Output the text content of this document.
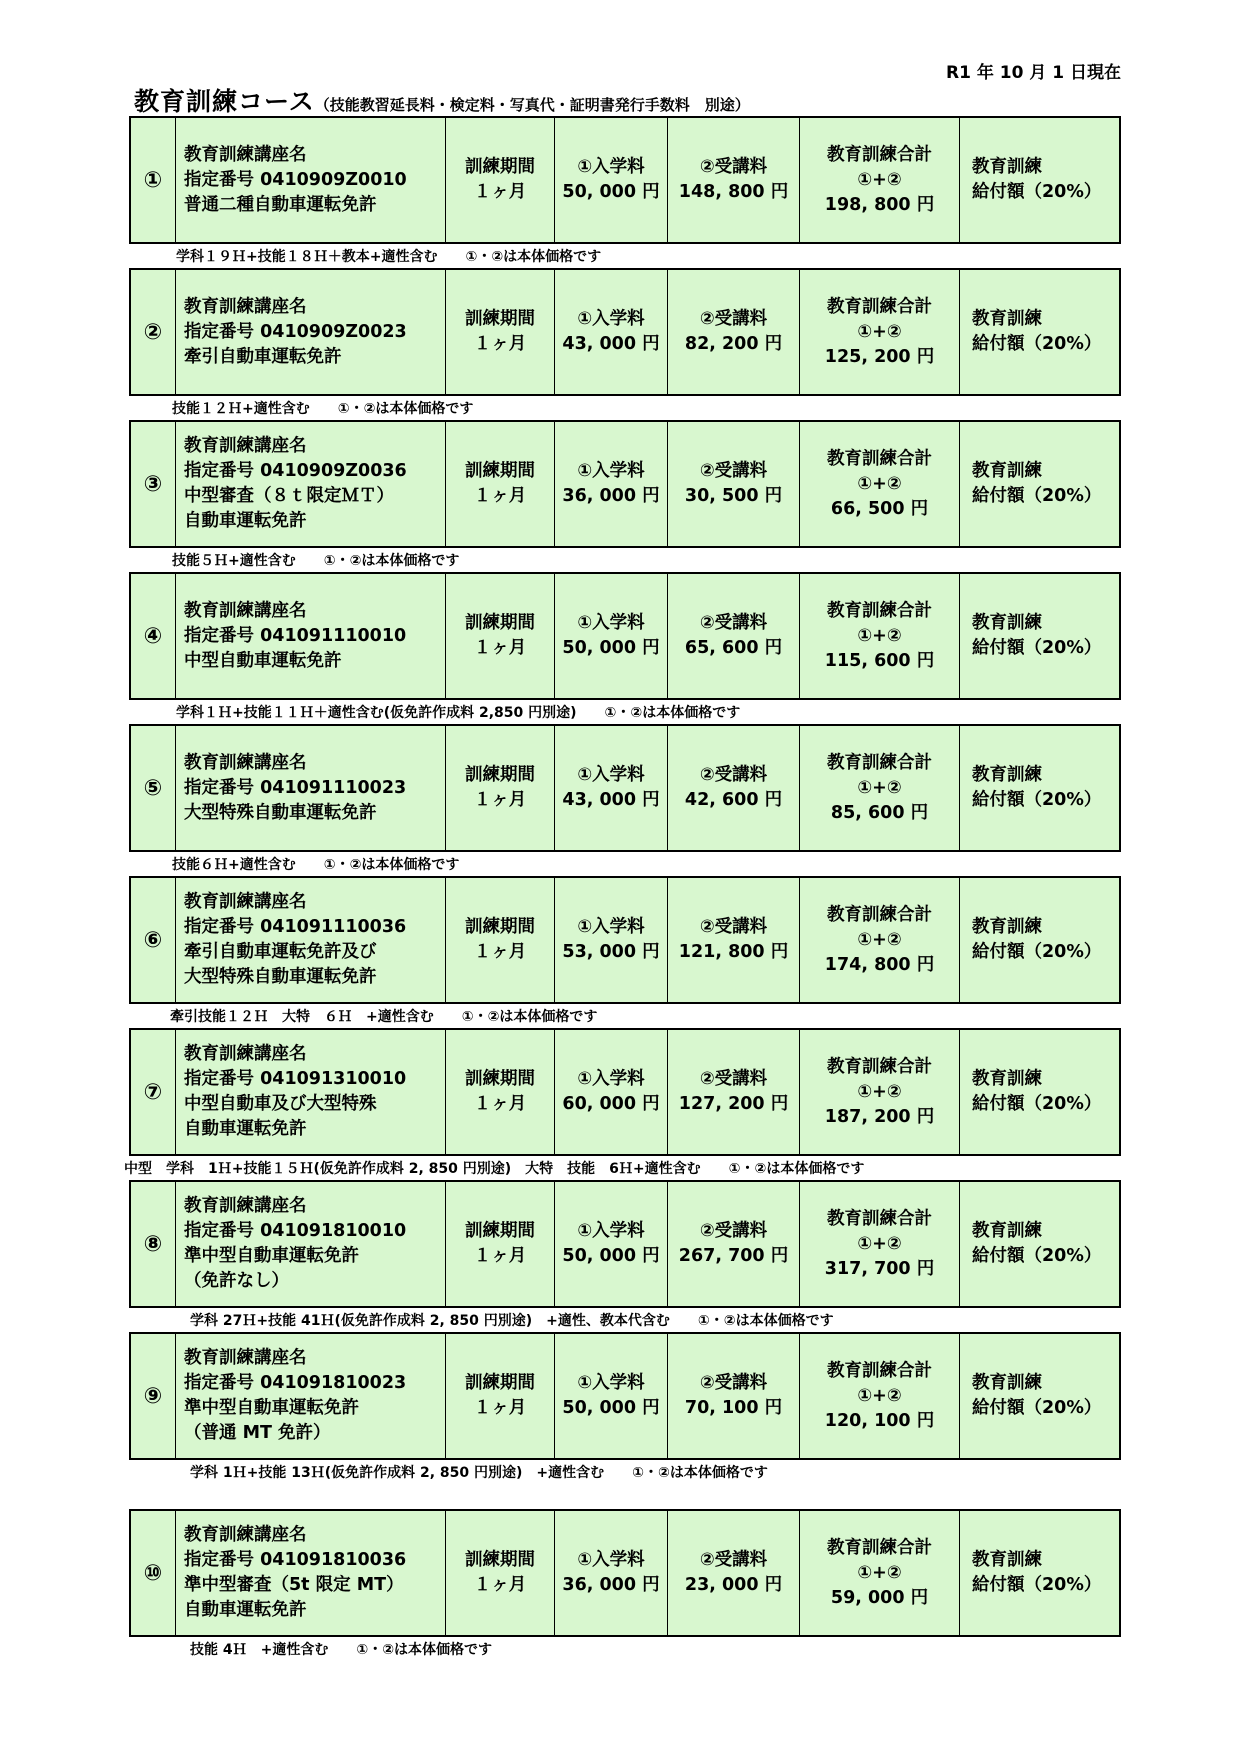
R1 年 10 月 1 日現在
教育訓練コース（技能教習延長料・検定料・写真代・証明書発行手数料　別途）
①
教育訓練講座名
指定番号 0410909Z0010
普通二種自動車運転免許
訓練期間
１ヶ月
①入学料
50, 000 円
②受講料
148, 800 円
教育訓練合計
①+②
198, 800 円
教育訓練
給付額（20%）
学科１９Ｈ+技能１８Ｈ＋教本+適性含む　　①・②は本体価格です
②
教育訓練講座名
指定番号 0410909Z0023
牽引自動車運転免許
訓練期間
１ヶ月
①入学料
43, 000 円
②受講料
82, 200 円
教育訓練合計
①+②
125, 200 円
教育訓練
給付額（20%）
技能１２Ｈ+適性含む　　①・②は本体価格です
③
教育訓練講座名
指定番号 0410909Z0036
中型審査（８ｔ限定ＭＴ）
自動車運転免許
訓練期間
１ヶ月
①入学料
36, 000 円
②受講料
30, 500 円
教育訓練合計
①+②
66, 500 円
教育訓練
給付額（20%）
技能５Ｈ+適性含む　　①・②は本体価格です
④
教育訓練講座名
指定番号 041091110010
中型自動車運転免許
訓練期間
１ヶ月
①入学料
50, 000 円
②受講料
65, 600 円
教育訓練合計
①+②
115, 600 円
教育訓練
給付額（20%）
学科１Ｈ+技能１１Ｈ＋適性含む(仮免許作成料 2,850 円別途)　　①・②は本体価格です
⑤
教育訓練講座名
指定番号 041091110023
大型特殊自動車運転免許
訓練期間
１ヶ月
①入学料
43, 000 円
②受講料
42, 600 円
教育訓練合計
①+②
85, 600 円
教育訓練
給付額（20%）
技能６Ｈ+適性含む　　①・②は本体価格です
⑥
教育訓練講座名
指定番号 041091110036
牽引自動車運転免許及び
大型特殊自動車運転免許
訓練期間
１ヶ月
①入学料
53, 000 円
②受講料
121, 800 円
教育訓練合計
①+②
174, 800 円
教育訓練
給付額（20%）
牽引技能１２Ｈ　大特　６Ｈ　+適性含む　　①・②は本体価格です
⑦
教育訓練講座名
指定番号 041091310010
中型自動車及び大型特殊
自動車運転免許
訓練期間
１ヶ月
①入学料
60, 000 円
②受講料
127, 200 円
教育訓練合計
①+②
187, 200 円
教育訓練
給付額（20%）
中型　学科　1Ｈ+技能１５Ｈ(仮免許作成料 2, 850 円別途)　大特　技能　6Ｈ+適性含む　　①・②は本体価格です
⑧
教育訓練講座名
指定番号 041091810010
準中型自動車運転免許
（免許なし）
訓練期間
１ヶ月
①入学料
50, 000 円
②受講料
267, 700 円
教育訓練合計
①+②
317, 700 円
教育訓練
給付額（20%）
学科 27Ｈ+技能 41Ｈ(仮免許作成料 2, 850 円別途)　+適性、教本代含む　　①・②は本体価格です
⑨
教育訓練講座名
指定番号 041091810023
準中型自動車運転免許
（普通 MT 免許）
訓練期間
１ヶ月
①入学料
50, 000 円
②受講料
70, 100 円
教育訓練合計
①+②
120, 100 円
教育訓練
給付額（20%）
学科 1Ｈ+技能 13Ｈ(仮免許作成料 2, 850 円別途)　+適性含む　　①・②は本体価格です
⑩
教育訓練講座名
指定番号 041091810036
準中型審査（5t 限定 MT）
自動車運転免許
訓練期間
１ヶ月
①入学料
36, 000 円
②受講料
23, 000 円
教育訓練合計
①+②
59, 000 円
教育訓練
給付額（20%）
技能 4Ｈ　+適性含む　　①・②は本体価格です
